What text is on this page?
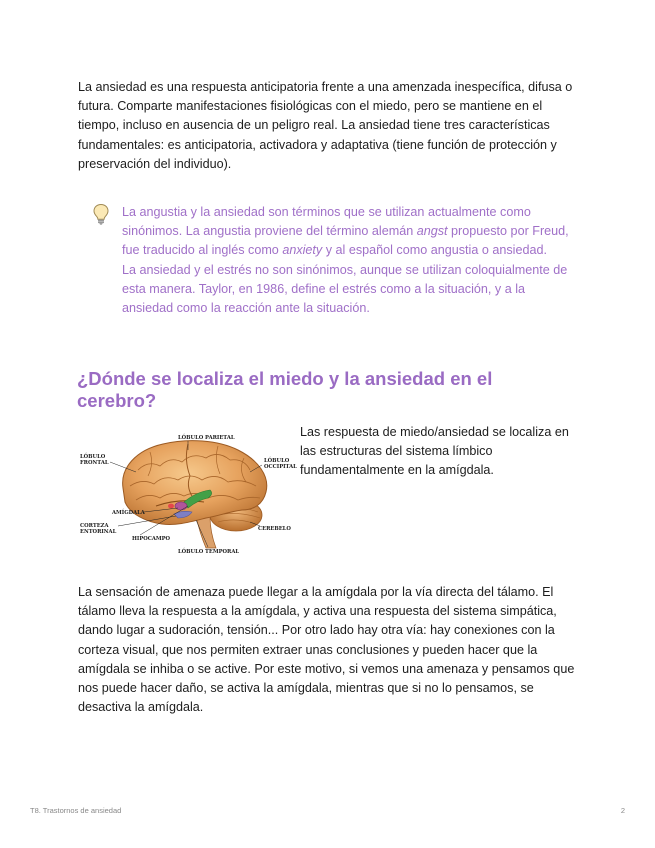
La ansiedad es una respuesta anticipatoria frente a una amenzada inespecífica, difusa o futura. Comparte manifestaciones fisiológicas con el miedo, pero se mantiene en el tiempo, incluso en ausencia de un peligro real. La ansiedad tiene tres características fundamentales: es anticipatoria, activadora y adaptativa (tiene función de protección y preservación del individuo).

La angustia y la ansiedad son términos que se utilizan actualmente como sinónimos. La angustia proviene del término alemán angst propuesto por Freud, fue traducido al inglés como anxiety y al español como angustia o ansiedad.

La ansiedad y el estrés no son sinónimos, aunque se utilizan coloquialmente de esta manera. Taylor, en 1986, define el estrés como a la situación, y a la ansiedad como la reacción ante la situación.

¿Dónde se localiza el miedo y la ansiedad en el cerebro?
LÓBULO PARIETAL
LÓBULO
FRONTAL	LÓBULO
OCCIPITAL
AMÍGDALA
CORTEZA
ENTORINAL
HIPOCAMPO
CEREBELO
LÓBULO TEMPORAL

Las respuesta de miedo/ansiedad se localiza en las estructuras del sistema límbico fundamentalmente en la amígdala.

La sensación de amenaza puede llegar a la amígdala por la vía directa del tálamo. El tálamo lleva la respuesta a la amígdala, y activa una respuesta del sistema simpática, dando lugar a sudoración, tensión... Por otro lado hay otra vía: hay conexiones con la corteza visual, que nos permiten extraer unas conclusiones y pueden hacer que la amígdala se inhiba o se active. Por este motivo, si vemos una amenaza y pensamos que nos puede hacer daño, se activa la amígdala, mientras que si no lo pensamos, se desactiva la amígdala.

T8. Trastornos de ansiedad	2
